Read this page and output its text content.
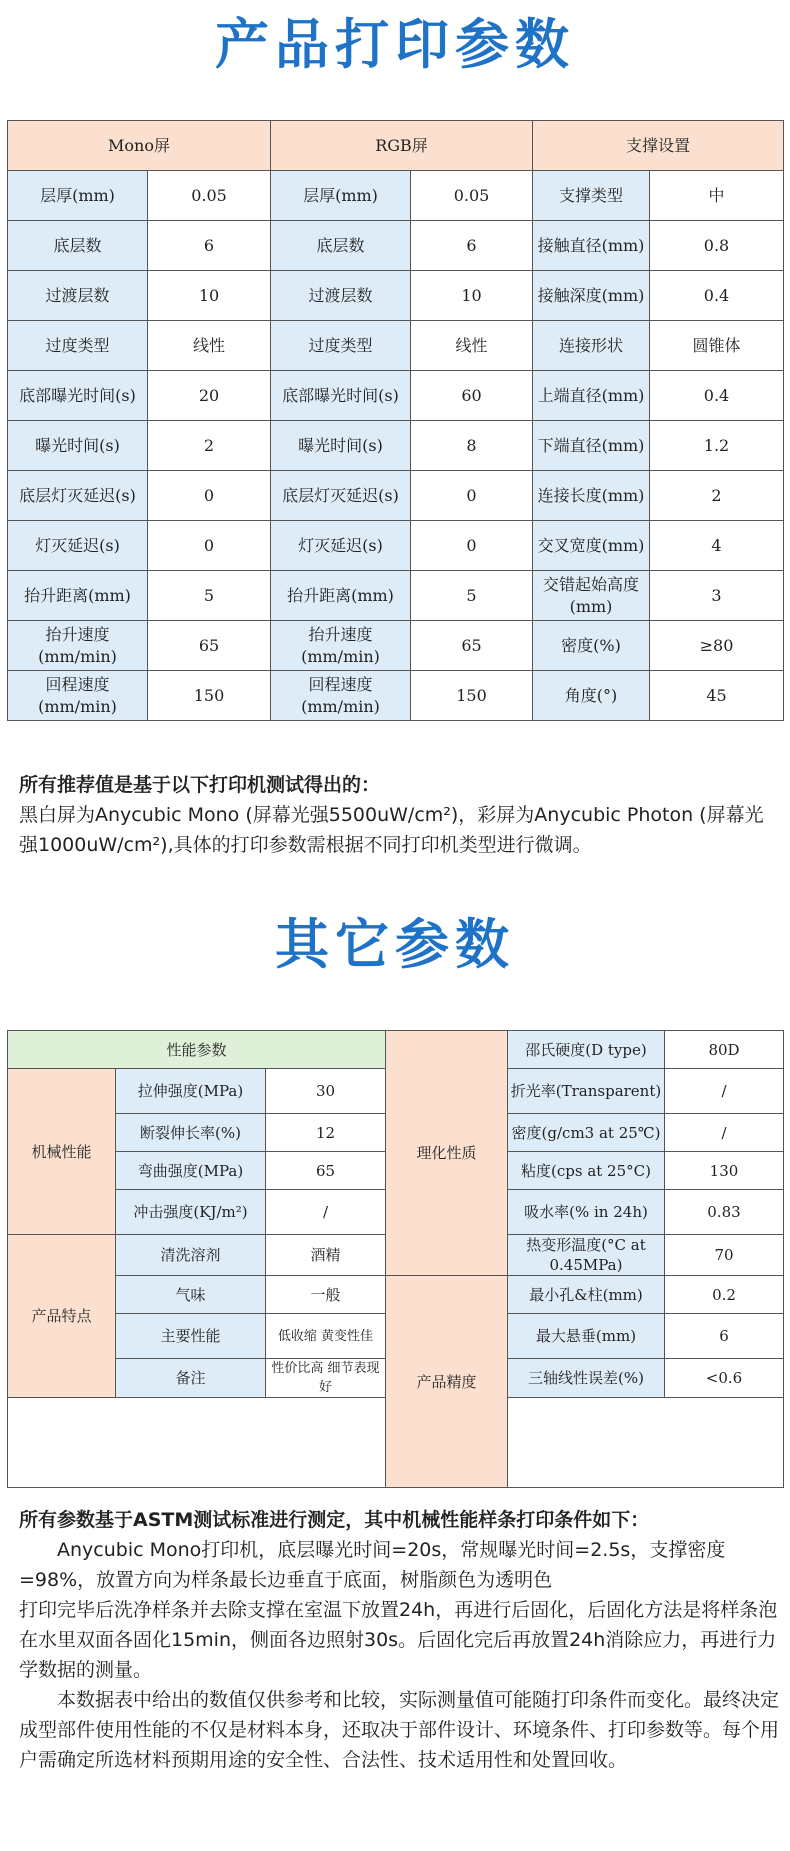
产品打印参数
Mono屏		RGB屏		支撑设置	
层厚(mm)	0.05	层厚(mm)	0.05	支撑类型	中
底层数	6	底层数	6	接触直径(mm)	0.8
过渡层数	10	过渡层数	10	接触深度(mm)	0.4
过度类型	线性	过度类型	线性	连接形状	圆锥体
底部曝光时间(s)	20	底部曝光时间(s)	60	上端直径(mm)	0.4
曝光时间(s)	2	曝光时间(s)	8	下端直径(mm)	1.2
底层灯灭延迟(s)	0	底层灯灭延迟(s)	0	连接长度(mm)	2
灯灭延迟(s)	0	灯灭延迟(s)	0	交叉宽度(mm)	4
抬升距离(mm)	5	抬升距离(mm)	5	交错起始高度(mm)	3
抬升速度(mm/min)	65	抬升速度(mm/min)	65	密度(%)	≥80
回程速度(mm/min)	150	回程速度(mm/min)	150	角度(°)	45

所有推荐值是基于以下打印机测试得出的：

黑白屏为Anycubic Mono (屏幕光强5500uW/cm²)，彩屏为Anycubic Photon (屏幕光强1000uW/cm²),具体的打印参数需根据不同打印机类型进行微调。

其它参数
性能参数			理化性质	邵氏硬度(D type)	80D
机械性能	拉伸强度(MPa)	30		折光率(Transparent)	/
	断裂伸长率(%)	12		密度(g/cm3 at 25℃)	/
	弯曲强度(MPa)	65		粘度(cps at 25°C)	130
	冲击强度(KJ/m²)	/		吸水率(% in 24h)	0.83
产品特点	清洗溶剂	酒精		热变形温度(°C at 0.45MPa)	70
	气味	一般	产品精度	最小孔&柱(mm)	0.2
	主要性能	低收缩 黄变性佳		最大悬垂(mm)	6
	备注	性价比高 细节表现好		三轴线性误差(%)	<0.6

所有参数基于ASTM测试标准进行测定，其中机械性能样条打印条件如下：

Anycubic Mono打印机，底层曝光时间=20s，常规曝光时间=2.5s，支撑密度=98%，放置方向为样条最长边垂直于底面，树脂颜色为透明色

打印完毕后洗净样条并去除支撑在室温下放置24h，再进行后固化，后固化方法是将样条泡在水里双面各固化15min，侧面各边照射30s。后固化完后再放置24h消除应力，再进行力学数据的测量。

本数据表中给出的数值仅供参考和比较，实际测量值可能随打印条件而变化。最终决定成型部件使用性能的不仅是材料本身，还取决于部件设计、环境条件、打印参数等。每个用户需确定所选材料预期用途的安全性、合法性、技术适用性和处置回收。
